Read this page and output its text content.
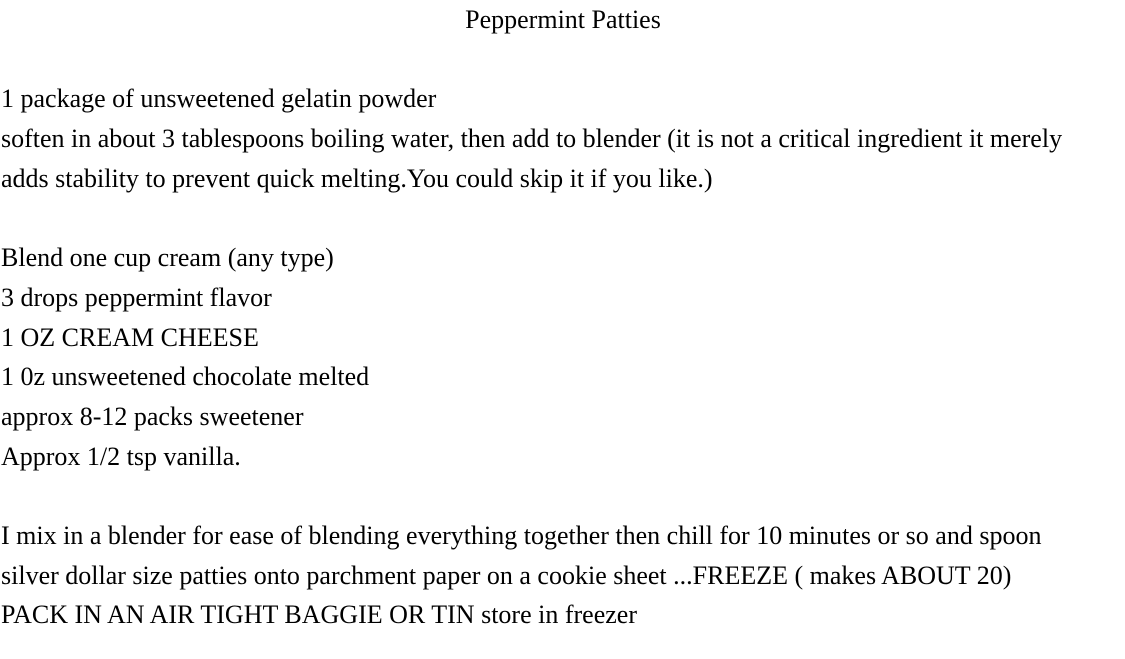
Peppermint Patties
1 package of unsweetened gelatin powder
soften in about 3 tablespoons boiling water, then add to blender (it is not a critical ingredient it merely
adds stability to prevent quick melting.You could skip it if you like.)
Blend one cup cream (any type)
3 drops peppermint flavor
1 OZ CREAM CHEESE
1 0z unsweetened chocolate melted
approx 8-12 packs sweetener
Approx 1/2 tsp vanilla.
I mix in a blender for ease of blending everything together then chill for 10 minutes or so and spoon
silver dollar size patties onto parchment paper on a cookie sheet ...FREEZE ( makes ABOUT 20)
PACK IN AN AIR TIGHT BAGGIE OR TIN store in freezer
